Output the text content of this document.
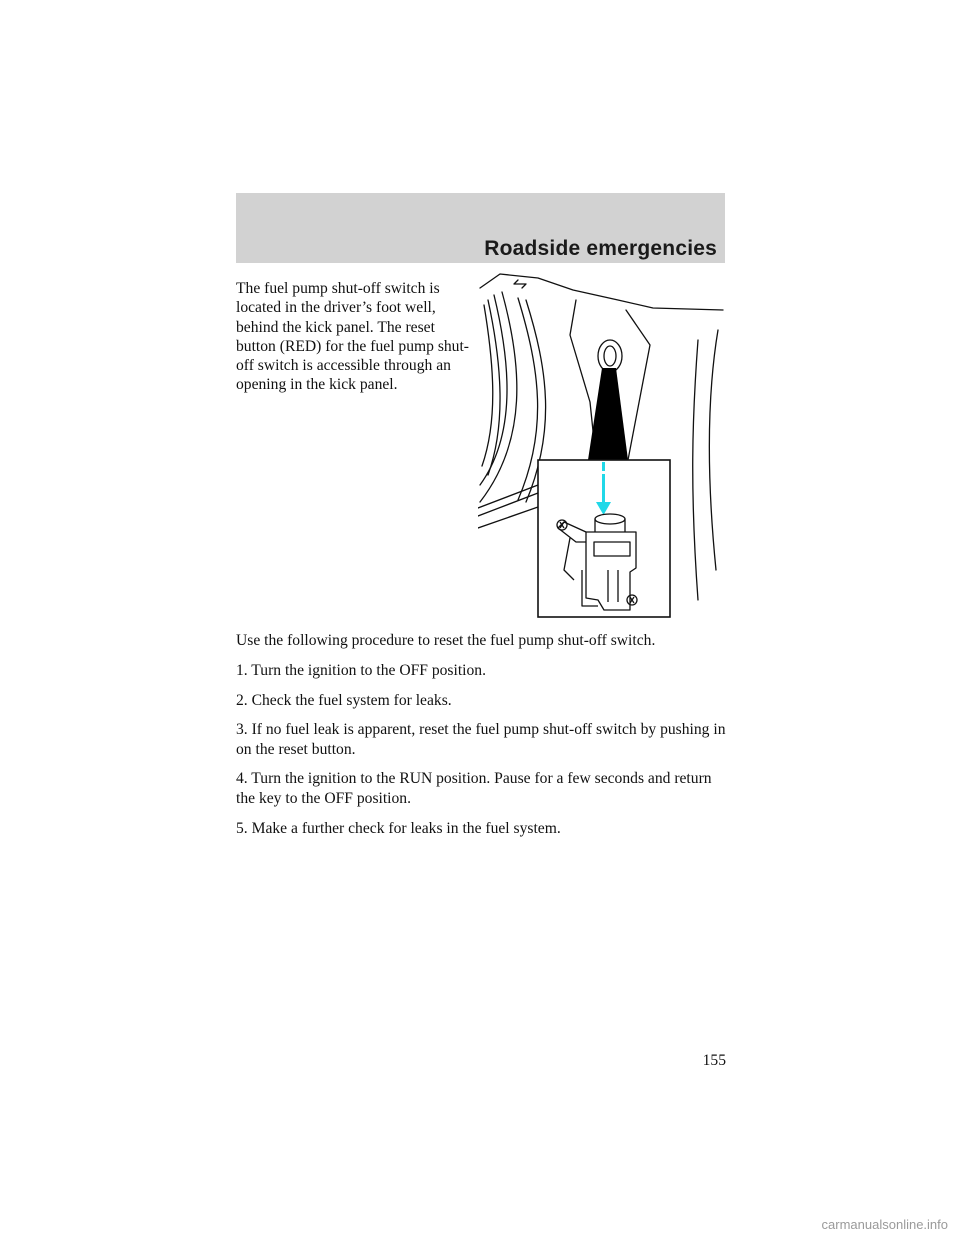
Roadside emergencies

The fuel pump shut-off switch is located in the driver’s foot well, behind the kick panel. The reset button (RED) for the fuel pump shut-off switch is accessible through an opening in the kick panel.

Use the following procedure to reset the fuel pump shut-off switch.

1. Turn the ignition to the OFF position.

2. Check the fuel system for leaks.

3. If no fuel leak is apparent, reset the fuel pump shut-off switch by pushing in on the reset button.

4. Turn the ignition to the RUN position. Pause for a few seconds and return the key to the OFF position.

5. Make a further check for leaks in the fuel system.

155
carmanualsonline.info
